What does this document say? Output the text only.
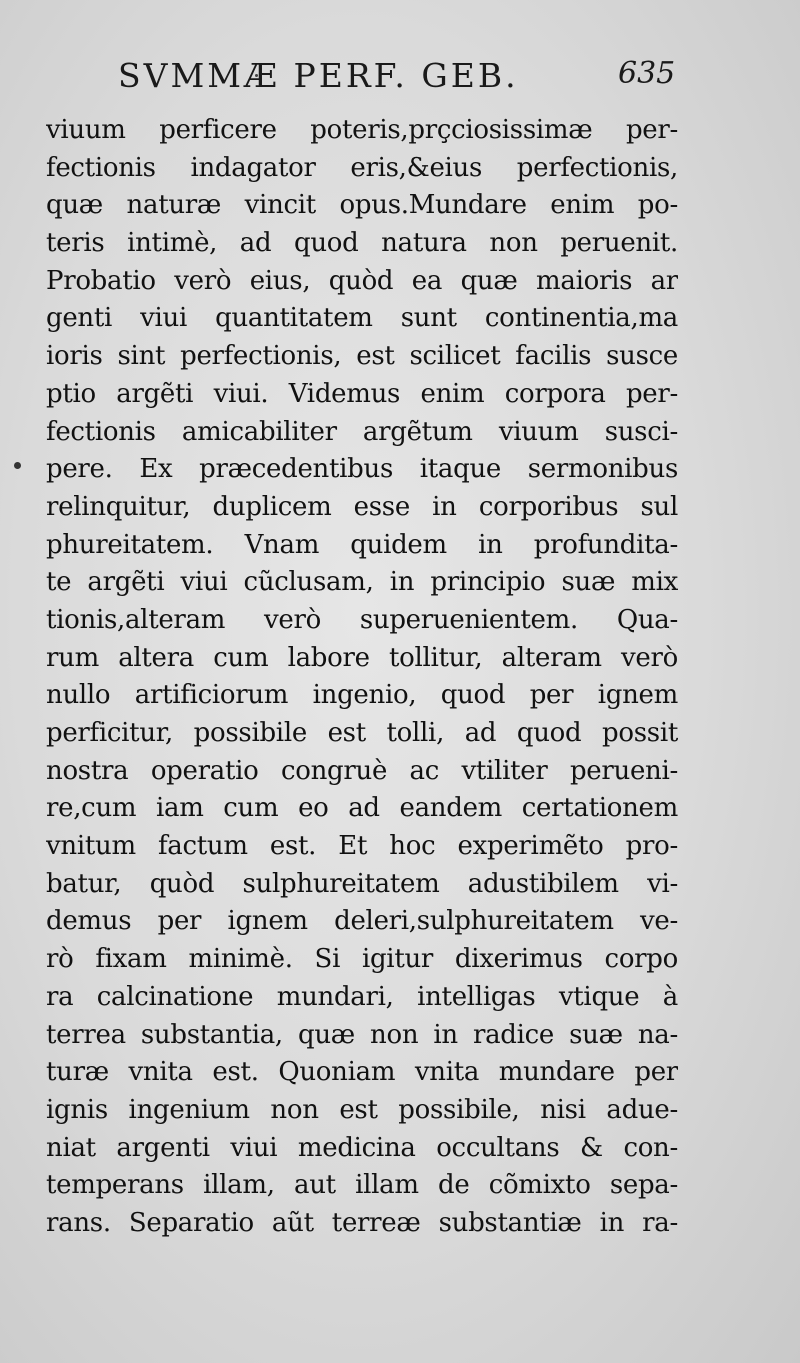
SVMMÆ PERF. GEB.	635
viuum perficere poteris,prçciosissimæ per-
fectionis indagator eris,&eius perfectionis,
quæ naturæ vincit opus.Mundare enim po-
teris intimè, ad quod natura non peruenit.
Probatio verò eius, quòd ea quæ maioris ar
genti viui quantitatem sunt continentia,ma
ioris sint perfectionis, est scilicet facilis susce
ptio argẽti viui. Videmus enim corpora per-
fectionis amicabiliter argẽtum viuum susci-
pere. Ex præcedentibus itaque sermonibus
relinquitur, duplicem esse in corporibus sul
phureitatem. Vnam quidem in profundita-
te argẽti viui cũclusam, in principio suæ mix
tionis,alteram verò superuenientem. Qua-
rum altera cum labore tollitur, alteram verò
nullo artificiorum ingenio, quod per ignem
perficitur, possibile est tolli, ad quod possit
nostra operatio congruè ac vtiliter perueni-
re,cum iam cum eo ad eandem certationem
vnitum factum est. Et hoc experimẽto pro-
batur, quòd sulphureitatem adustibilem vi-
demus per ignem deleri,sulphureitatem ve-
rò fixam minimè. Si igitur dixerimus corpo
ra calcinatione mundari, intelligas vtique à
terrea substantia, quæ non in radice suæ na-
turæ vnita est. Quoniam vnita mundare per
ignis ingenium non est possibile, nisi adue-
niat argenti viui medicina occultans & con-
temperans illam, aut illam de cõmixto sepa-
rans. Separatio aũt terreæ substantiæ in ra-
